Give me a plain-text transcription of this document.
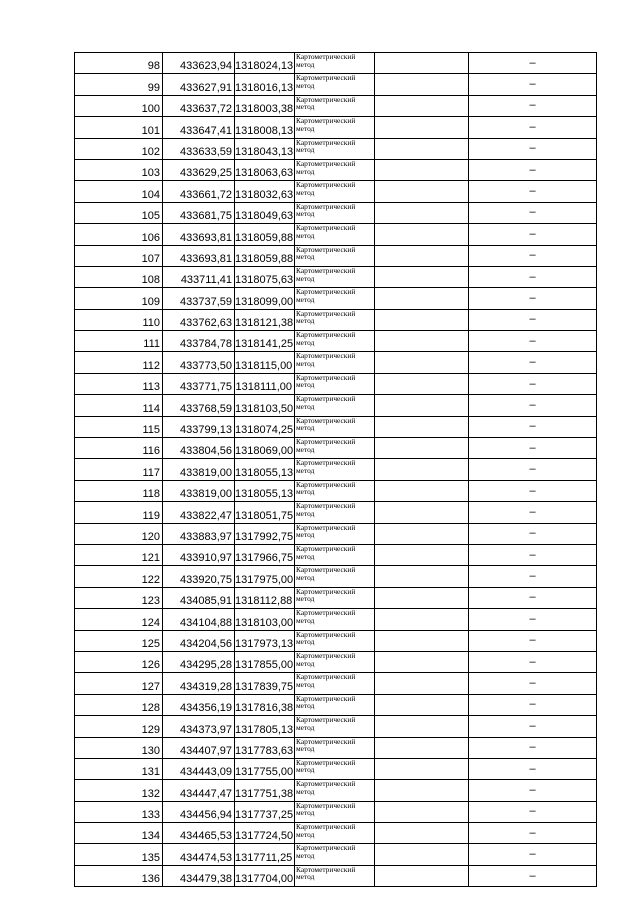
98	433623,94	1318024,13	Картометрический метод		–
99	433627,91	1318016,13	Картометрический метод		–
100	433637,72	1318003,38	Картометрический метод		–
101	433647,41	1318008,13	Картометрический метод		–
102	433633,59	1318043,13	Картометрический метод		–
103	433629,25	1318063,63	Картометрический метод		–
104	433661,72	1318032,63	Картометрический метод		–
105	433681,75	1318049,63	Картометрический метод		–
106	433693,81	1318059,88	Картометрический метод		–
107	433693,81	1318059,88	Картометрический метод		–
108	433711,41	1318075,63	Картометрический метод		–
109	433737,59	1318099,00	Картометрический метод		–
110	433762,63	1318121,38	Картометрический метод		–
111	433784,78	1318141,25	Картометрический метод		–
112	433773,50	1318115,00	Картометрический метод		–
113	433771,75	1318111,00	Картометрический метод		–
114	433768,59	1318103,50	Картометрический метод		–
115	433799,13	1318074,25	Картометрический метод		–
116	433804,56	1318069,00	Картометрический метод		–
117	433819,00	1318055,13	Картометрический метод		–
118	433819,00	1318055,13	Картометрический метод		–
119	433822,47	1318051,75	Картометрический метод		–
120	433883,97	1317992,75	Картометрический метод		–
121	433910,97	1317966,75	Картометрический метод		–
122	433920,75	1317975,00	Картометрический метод		–
123	434085,91	1318112,88	Картометрический метод		–
124	434104,88	1318103,00	Картометрический метод		–
125	434204,56	1317973,13	Картометрический метод		–
126	434295,28	1317855,00	Картометрический метод		–
127	434319,28	1317839,75	Картометрический метод		–
128	434356,19	1317816,38	Картометрический метод		–
129	434373,97	1317805,13	Картометрический метод		–
130	434407,97	1317783,63	Картометрический метод		–
131	434443,09	1317755,00	Картометрический метод		–
132	434447,47	1317751,38	Картометрический метод		–
133	434456,94	1317737,25	Картометрический метод		–
134	434465,53	1317724,50	Картометрический метод		–
135	434474,53	1317711,25	Картометрический метод		–
136	434479,38	1317704,00	Картометрический метод		–
